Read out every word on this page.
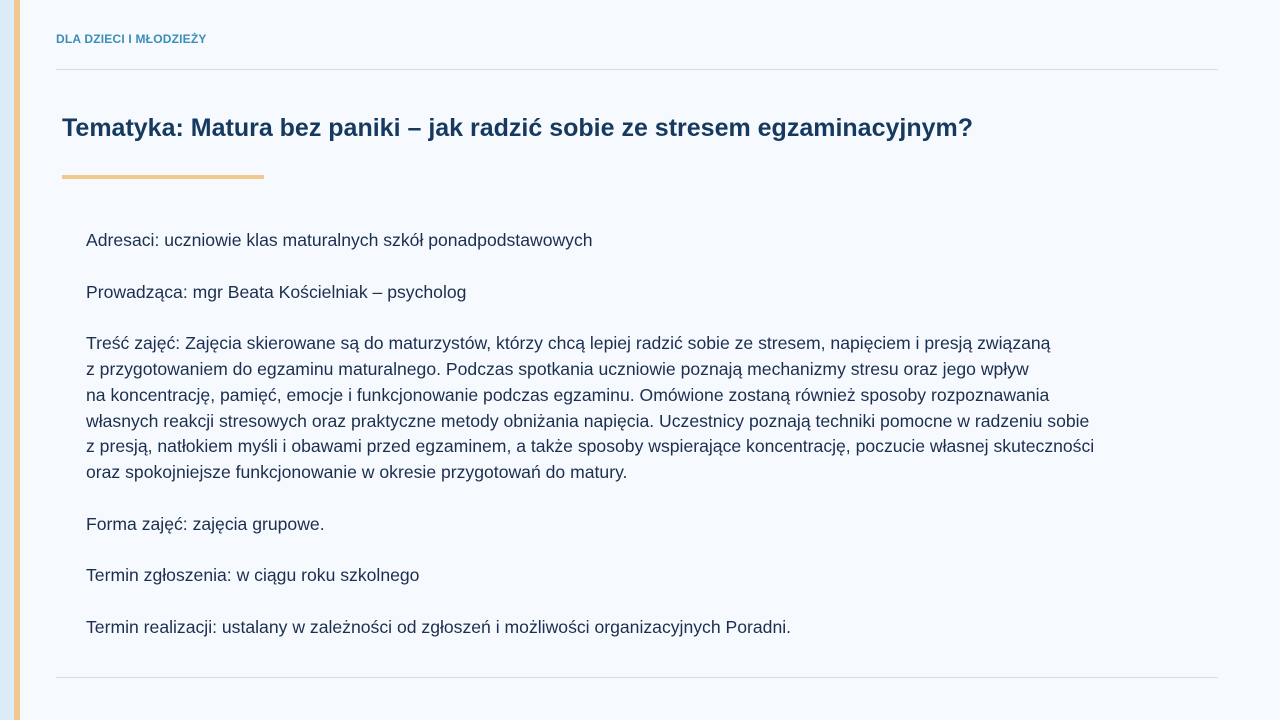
DLA DZIECI I MŁODZIEŻY

Tematyka: Matura bez paniki – jak radzić sobie ze stresem egzaminacyjnym?

Adresaci: uczniowie klas maturalnych szkół ponadpodstawowych

Prowadząca: mgr Beata Kościelniak – psycholog

Treść zajęć: Zajęcia skierowane są do maturzystów, którzy chcą lepiej radzić sobie ze stresem, napięciem i presją związaną
z przygotowaniem do egzaminu maturalnego. Podczas spotkania uczniowie poznają mechanizmy stresu oraz jego wpływ
na koncentrację, pamięć, emocje i funkcjonowanie podczas egzaminu. Omówione zostaną również sposoby rozpoznawania
własnych reakcji stresowych oraz praktyczne metody obniżania napięcia. Uczestnicy poznają techniki pomocne w radzeniu sobie
z presją, natłokiem myśli i obawami przed egzaminem, a także sposoby wspierające koncentrację, poczucie własnej skuteczności
oraz spokojniejsze funkcjonowanie w okresie przygotowań do matury.

Forma zajęć: zajęcia grupowe.

Termin zgłoszenia: w ciągu roku szkolnego

Termin realizacji: ustalany w zależności od zgłoszeń i możliwości organizacyjnych Poradni.
